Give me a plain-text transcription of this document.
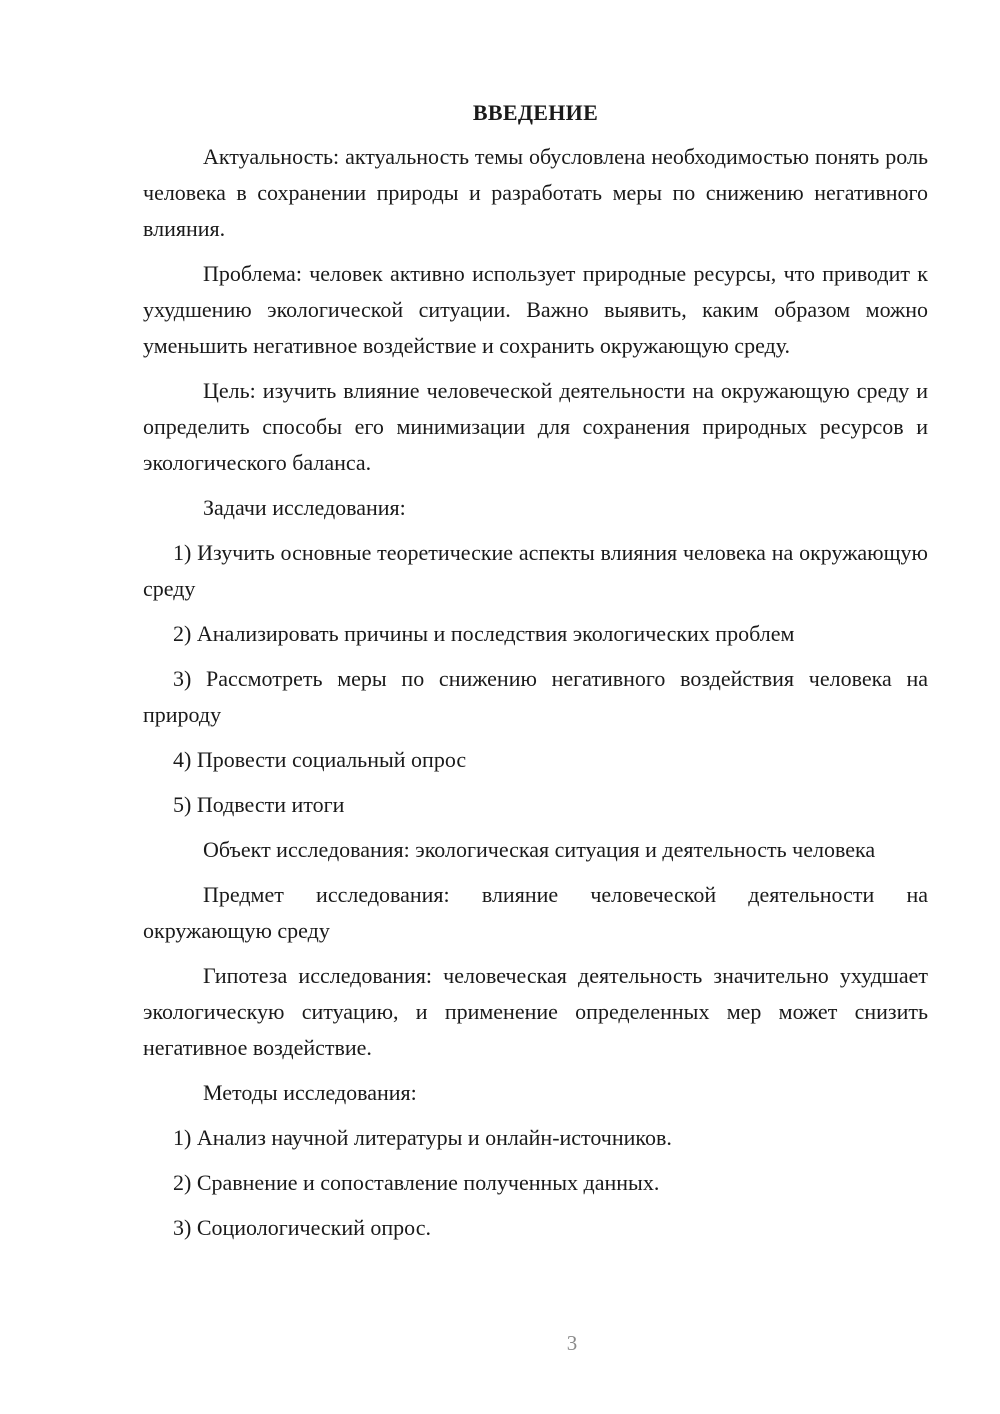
ВВЕДЕНИЕ

Актуальность: актуальность темы обусловлена необходимостью понять роль человека в сохранении природы и разработать меры по снижению негативного влияния.

Проблема: человек активно использует природные ресурсы, что приводит к ухудшению экологической ситуации. Важно выявить, каким образом можно уменьшить негативное воздействие и сохранить окружающую среду.

Цель: изучить влияние человеческой деятельности на окружающую среду и определить способы его минимизации для сохранения природных ресурсов и экологического баланса.

Задачи исследования:

1) Изучить основные теоретические аспекты влияния человека на окружающую среду

2) Анализировать причины и последствия экологических проблем

3) Рассмотреть меры по снижению негативного воздействия человека на природу

4) Провести социальный опрос

5) Подвести итоги

Объект исследования: экологическая ситуация и деятельность человека

Предмет исследования: влияние человеческой деятельности на окружающую среду

Гипотеза исследования: человеческая деятельность значительно ухудшает экологическую ситуацию, и применение определенных мер может снизить негативное воздействие.

Методы исследования:

1) Анализ научной литературы и онлайн-источников.

2) Сравнение и сопоставление полученных данных.

3) Социологический опрос.

3
